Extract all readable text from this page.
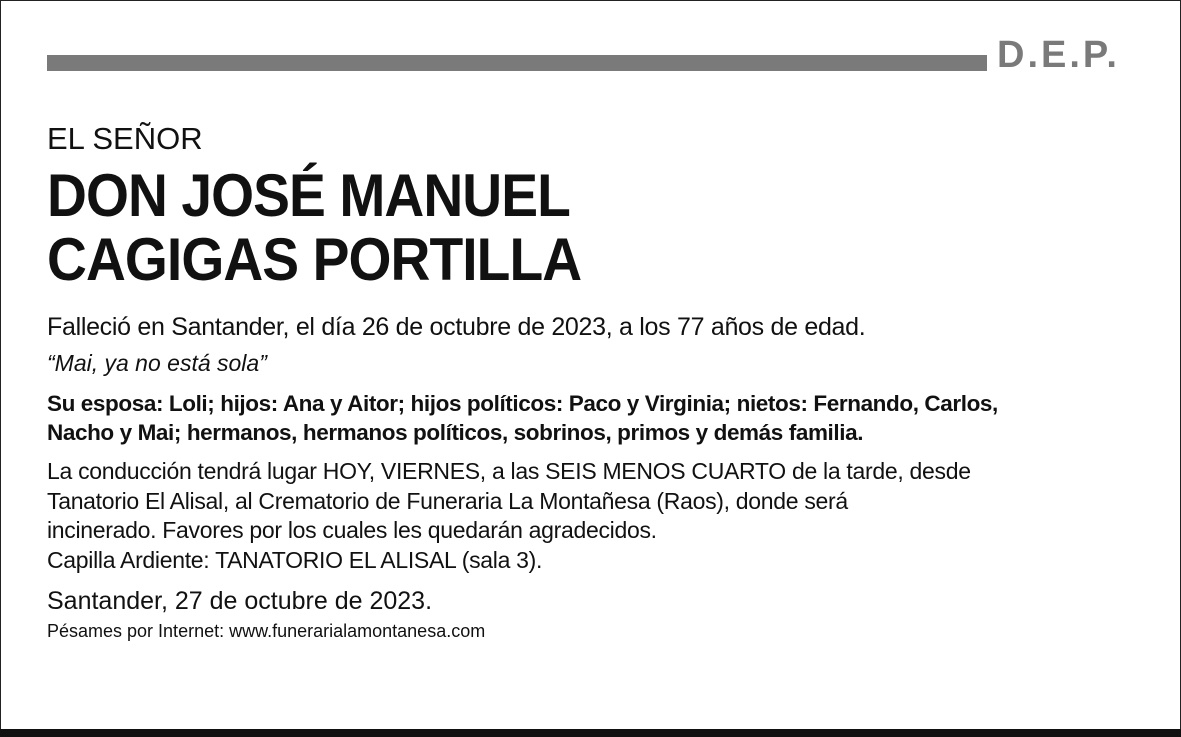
D.E.P.

EL SEÑOR

DON JOSÉ MANUEL
CAGIGAS PORTILLA

Falleció en Santander, el día 26 de octubre de 2023, a los 77 años de edad.

“Mai, ya no está sola”

Su esposa: Loli; hijos: Ana y Aitor; hijos políticos: Paco y Virginia; nietos: Fernando, Carlos,
Nacho y Mai; hermanos, hermanos políticos, sobrinos, primos y demás familia.
La conducción tendrá lugar HOY, VIERNES, a las SEIS MENOS CUARTO de la tarde, desde
Tanatorio El Alisal, al Crematorio de Funeraria La Montañesa (Raos), donde será
incinerado. Favores por los cuales les quedarán agradecidos.
Capilla Ardiente: TANATORIO EL ALISAL (sala 3).

Santander, 27 de octubre de 2023.

Pésames por Internet: www.funerarialamontanesa.com
